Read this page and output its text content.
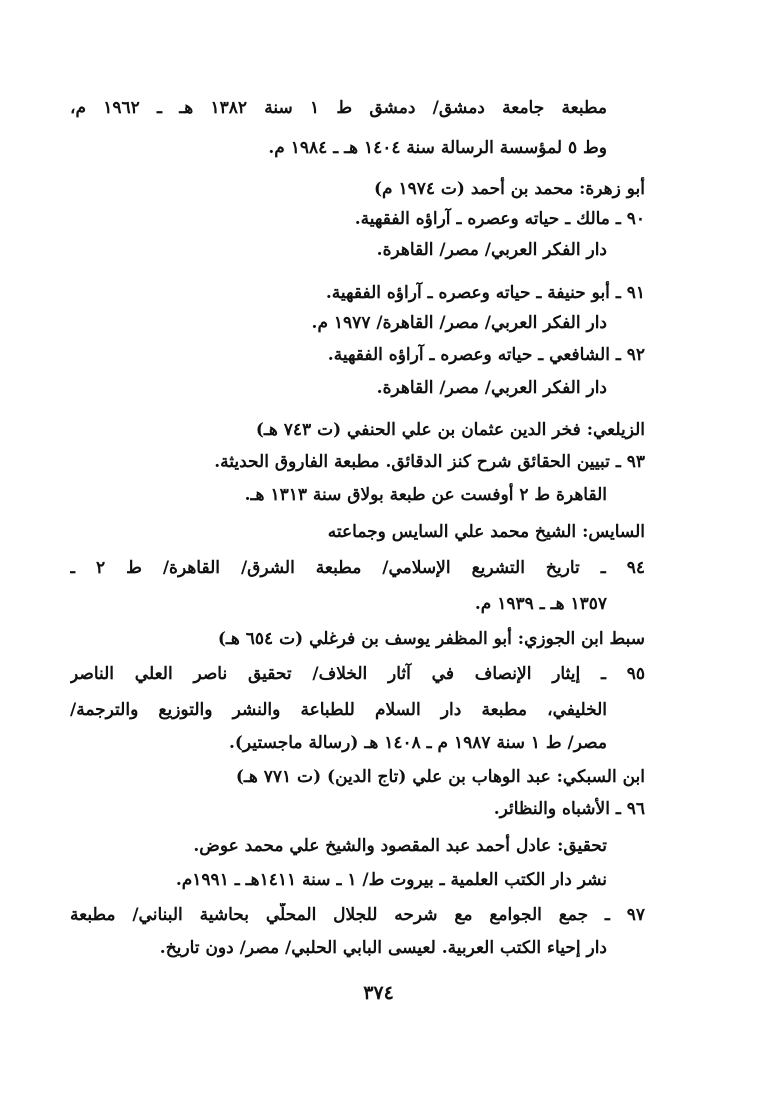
مطبعة جامعة دمشق/ دمشق ط ١ سنة ١٣٨٢ هـ ـ ١٩٦٢ م،
وط ٥ لمؤسسة الرسالة سنة ١٤٠٤ هـ ـ ١٩٨٤ م.
أبو زهرة: محمد بن أحمد (ت ١٩٧٤ م)
٩٠ ـ مالك ـ حياته وعصره ـ آراؤه الفقهية.
دار الفكر العربي/ مصر/ القاهرة.
٩١ ـ أبو حنيفة ـ حياته وعصره ـ آراؤه الفقهية.
دار الفكر العربي/ مصر/ القاهرة/ ١٩٧٧ م.
٩٢ ـ الشافعي ـ حياته وعصره ـ آراؤه الفقهية.
دار الفكر العربي/ مصر/ القاهرة.
الزيلعي: فخر الدين عثمان بن علي الحنفي (ت ٧٤٣ هـ)
٩٣ ـ تبيين الحقائق شرح كنز الدقائق. مطبعة الفاروق الحديثة.
القاهرة ط ٢ أوفست عن طبعة بولاق سنة ١٣١٣ هـ.
السايس: الشيخ محمد علي السايس وجماعته
٩٤ ـ تاريخ التشريع الإسلامي/ مطبعة الشرق/ القاهرة/ ط ٢ ـ
١٣٥٧ هـ ـ ١٩٣٩ م.
سبط ابن الجوزي: أبو المظفر يوسف بن فرغلي (ت ٦٥٤ هـ)
٩٥ ـ إيثار الإنصاف في آثار الخلاف/ تحقيق ناصر العلي الناصر
الخليفي، مطبعة دار السلام للطباعة والنشر والتوزيع والترجمة/
مصر/ ط ١ سنة ١٩٨٧ م ـ ١٤٠٨ هـ (رسالة ماجستير).
ابن السبكي: عبد الوهاب بن علي (تاج الدين) (ت ٧٧١ هـ)
٩٦ ـ الأشباه والنظائر.
تحقيق: عادل أحمد عبد المقصود والشيخ علي محمد عوض.
نشر دار الكتب العلمية ـ بيروت ط/ ١ ـ سنة ١٤١١هـ ـ ١٩٩١م.
٩٧ ـ جمع الجوامع مع شرحه للجلال المحلّي بحاشية البناني/ مطبعة
دار إحياء الكتب العربية. لعيسى البابي الحلبي/ مصر/ دون تاريخ.
٣٧٤
